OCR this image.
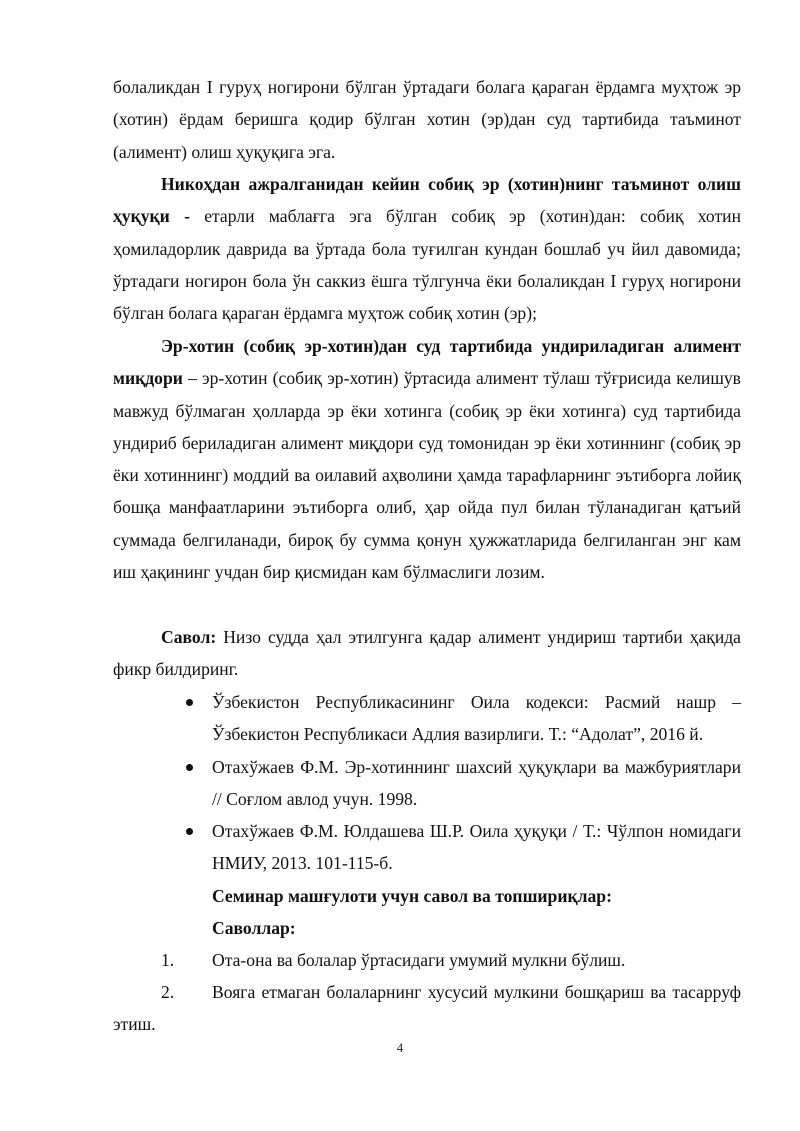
болаликдан I гуруҳ ногирони бўлган ўртадаги болага қараган ёрдамга муҳтож эр (хотин) ёрдам беришга қодир бўлган хотин (эр)дан суд тартибида таъминот (алимент) олиш ҳуқуқига эга.

Никоҳдан ажралганидан кейин собиқ эр (хотин)нинг таъминот олиш ҳуқуқи - етарли маблағга эга бўлган собиқ эр (хотин)дан: собиқ хотин ҳомиладорлик даврида ва ўртада бола туғилган кундан бошлаб уч йил давомида; ўртадаги ногирон бола ўн саккиз ёшга тўлгунча ёки болаликдан I гуруҳ ногирони бўлган болага қараган ёрдамга муҳтож собиқ хотин (эр);

Эр-хотин (собиқ эр-хотин)дан суд тартибида ундириладиган алимент миқдори – эр-хотин (собиқ эр-хотин) ўртасида алимент тўлаш тўғрисида келишув мавжуд бўлмаган ҳолларда эр ёки хотинга (собиқ эр ёки хотинга) суд тартибида ундириб бериладиган алимент миқдори суд томонидан эр ёки хотиннинг (собиқ эр ёки хотиннинг) моддий ва оилавий аҳволини ҳамда тарафларнинг эътиборга лойиқ бошқа манфаатларини эътиборга олиб, ҳар ойда пул билан тўланадиган қатъий суммада белгиланади, бироқ бу сумма қонун ҳужжатларида белгиланган энг кам иш ҳақининг учдан бир қисмидан кам бўлмаслиги лозим.

Савол: Низо судда ҳал этилгунга қадар алимент ундириш тартиби ҳақида фикр билдиринг.

Ўзбекистон Республикасининг Оила кодекси: Расмий нашр – Ўзбекистон Республикаси Адлия вазирлиги. Т.: “Адолат”, 2016 й.
Отахўжаев Ф.М. Эр-хотиннинг шахсий ҳуқуқлари ва мажбуриятлари // Соғлом авлод учун. 1998.
Отахўжаев Ф.М. Юлдашева Ш.Р. Оила ҳуқуқи / Т.: Чўлпон номидаги НМИУ, 2013. 101-115-б.

Семинар машғулоти учун савол ва топшириқлар:

Саволлар:

1. Ота-она ва болалар ўртасидаги умумий мулкни бўлиш.

2. Вояга етмаган болаларнинг хусусий мулкини бошқариш ва тасарруф этиш.

4
